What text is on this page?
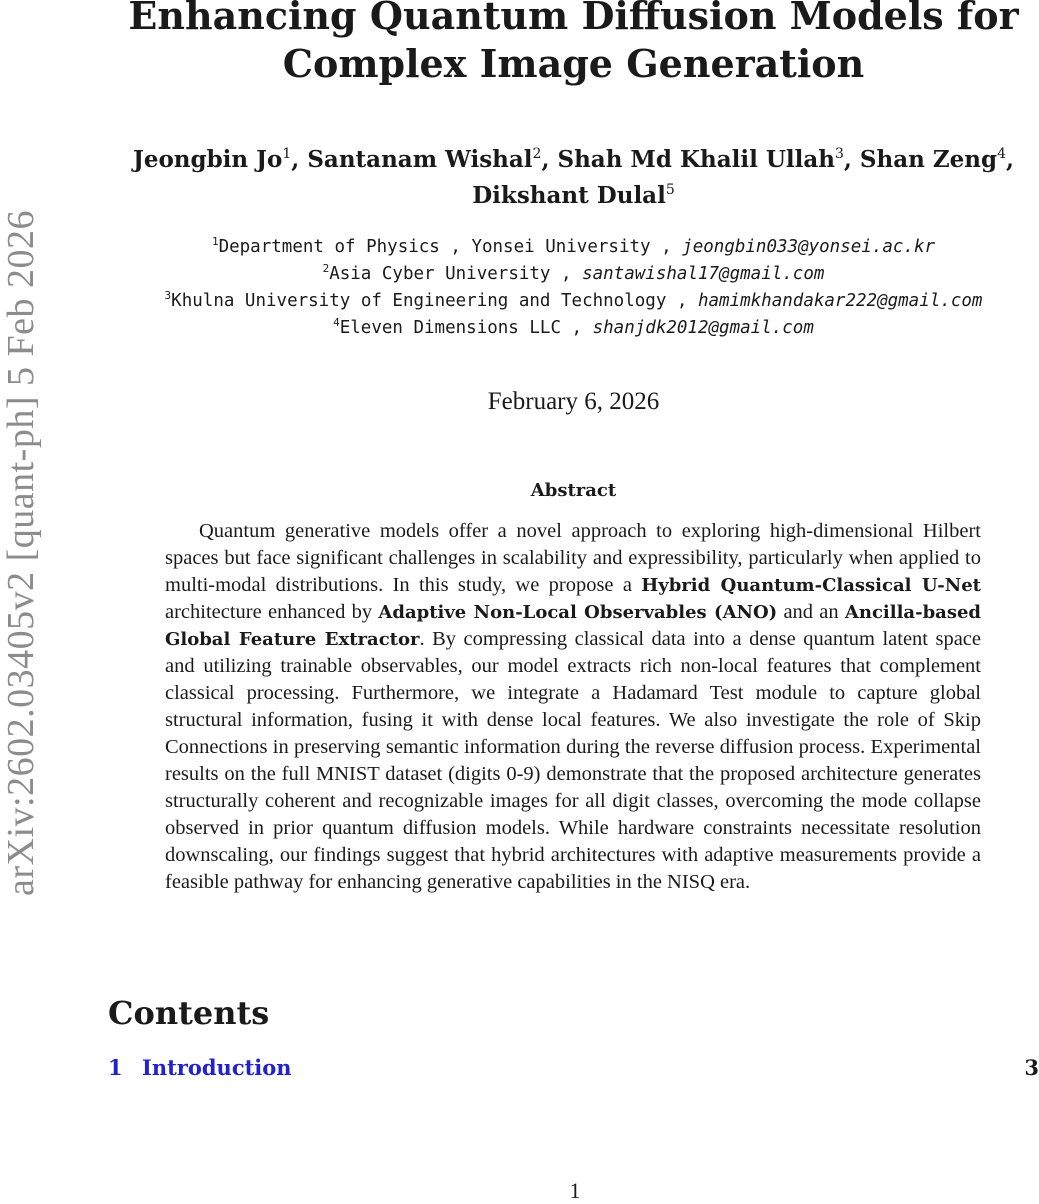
arXiv:2602.03405v2 [quant-ph] 5 Feb 2026
Enhancing Quantum Diffusion Models for
Complex Image Generation
Jeongbin Jo$^1$, Santanam Wishal$^2$, Shah Md Khalil Ullah$^3$, Shan Zeng$^4$, Dikshant Dulal$^5$
$^1$Department of Physics , Yonsei University , jeongbin033@yonsei.ac.kr
$^2$Asia Cyber University , santawishal17@gmail.com
$^3$Khulna University of Engineering and Technology , hamimkhandakar222@gmail.com
$^4$Eleven Dimensions LLC , shanjdk2012@gmail.com
February 6, 2026
Abstract

Quantum generative models offer a novel approach to exploring high-dimensional Hilbert spaces but face significant challenges in scalability and expressibility, particularly when applied to multi-modal distributions. In this study, we propose a Hybrid Quantum-Classical U-Net architecture enhanced by Adaptive Non-Local Observables (ANO) and an Ancilla-based Global Feature Extractor. By compressing classical data into a dense quantum latent space and utilizing trainable observables, our model extracts rich non-local features that complement classical processing. Furthermore, we integrate a Hadamard Test module to capture global structural information, fusing it with dense local features. We also investigate the role of Skip Connections in preserving semantic information during the reverse diffusion process. Experimental results on the full MNIST dataset (digits 0-9) demonstrate that the proposed architecture generates structurally coherent and recognizable images for all digit classes, overcoming the mode collapse observed in prior quantum diffusion models. While hardware constraints necessitate resolution downscaling, our findings suggest that hybrid architectures with adaptive measurements provide a feasible pathway for enhancing generative capabilities in the NISQ era.

Contents
1 Introduction	3
1
